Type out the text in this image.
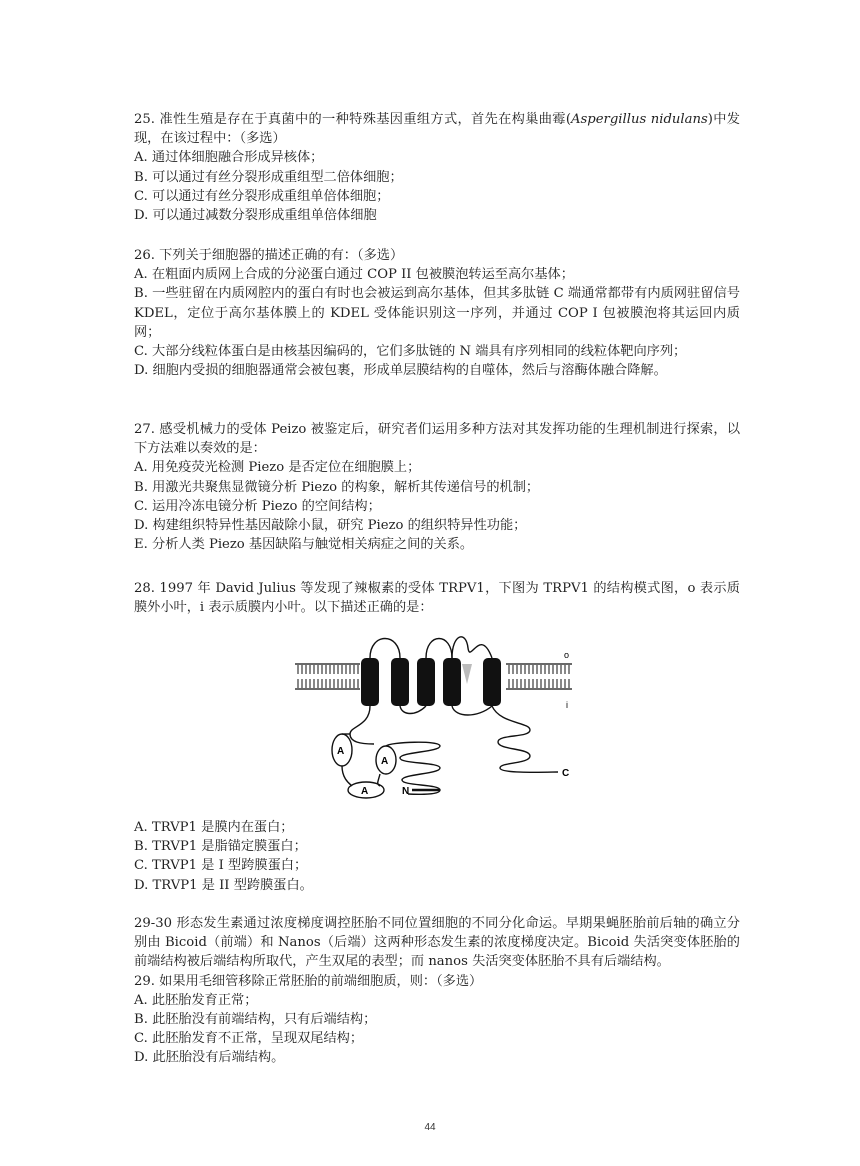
25. 准性生殖是存在于真菌中的一种特殊基因重组方式，首先在构巢曲霉(Aspergillus nidulans)中发现，在该过程中：（多选）

A. 通过体细胞融合形成异核体；

B. 可以通过有丝分裂形成重组型二倍体细胞；

C. 可以通过有丝分裂形成重组单倍体细胞；

D. 可以通过减数分裂形成重组单倍体细胞

26. 下列关于细胞器的描述正确的有：（多选）

A. 在粗面内质网上合成的分泌蛋白通过 COP II 包被膜泡转运至高尔基体；

B. 一些驻留在内质网腔内的蛋白有时也会被运到高尔基体，但其多肽链 C 端通常都带有内质网驻留信号 KDEL，定位于高尔基体膜上的 KDEL 受体能识别这一序列，并通过 COP I 包被膜泡将其运回内质网；

C. 大部分线粒体蛋白是由核基因编码的，它们多肽链的 N 端具有序列相同的线粒体靶向序列；

D. 细胞内受损的细胞器通常会被包裹，形成单层膜结构的自噬体，然后与溶酶体融合降解。

27. 感受机械力的受体 Peizo 被鉴定后，研究者们运用多种方法对其发挥功能的生理机制进行探索，以下方法难以奏效的是：

A. 用免疫荧光检测 Piezo 是否定位在细胞膜上；

B. 用激光共聚焦显微镜分析 Piezo 的构象，解析其传递信号的机制；

C. 运用冷冻电镜分析 Piezo 的空间结构；

D. 构建组织特异性基因敲除小鼠，研究 Piezo 的组织特异性功能；

E. 分析人类 Piezo 基因缺陷与触觉相关病症之间的关系。

28. 1997 年 David Julius 等发现了辣椒素的受体 TRPV1，下图为 TRPV1 的结构模式图，o 表示质膜外小叶，i 表示质膜内小叶。以下描述正确的是：

C
o
i
A
A
A	N

A. TRVP1 是膜内在蛋白；

B. TRVP1 是脂锚定膜蛋白；

C. TRVP1 是 I 型跨膜蛋白；

D. TRVP1 是 II 型跨膜蛋白。

29-30 形态发生素通过浓度梯度调控胚胎不同位置细胞的不同分化命运。早期果蝇胚胎前后轴的确立分别由 Bicoid（前端）和 Nanos（后端）这两种形态发生素的浓度梯度决定。Bicoid 失活突变体胚胎的前端结构被后端结构所取代，产生双尾的表型；而 nanos 失活突变体胚胎不具有后端结构。

29. 如果用毛细管移除正常胚胎的前端细胞质，则：（多选）

A. 此胚胎发育正常；

B. 此胚胎没有前端结构，只有后端结构；

C. 此胚胎发育不正常，呈现双尾结构；

D. 此胚胎没有后端结构。

44
